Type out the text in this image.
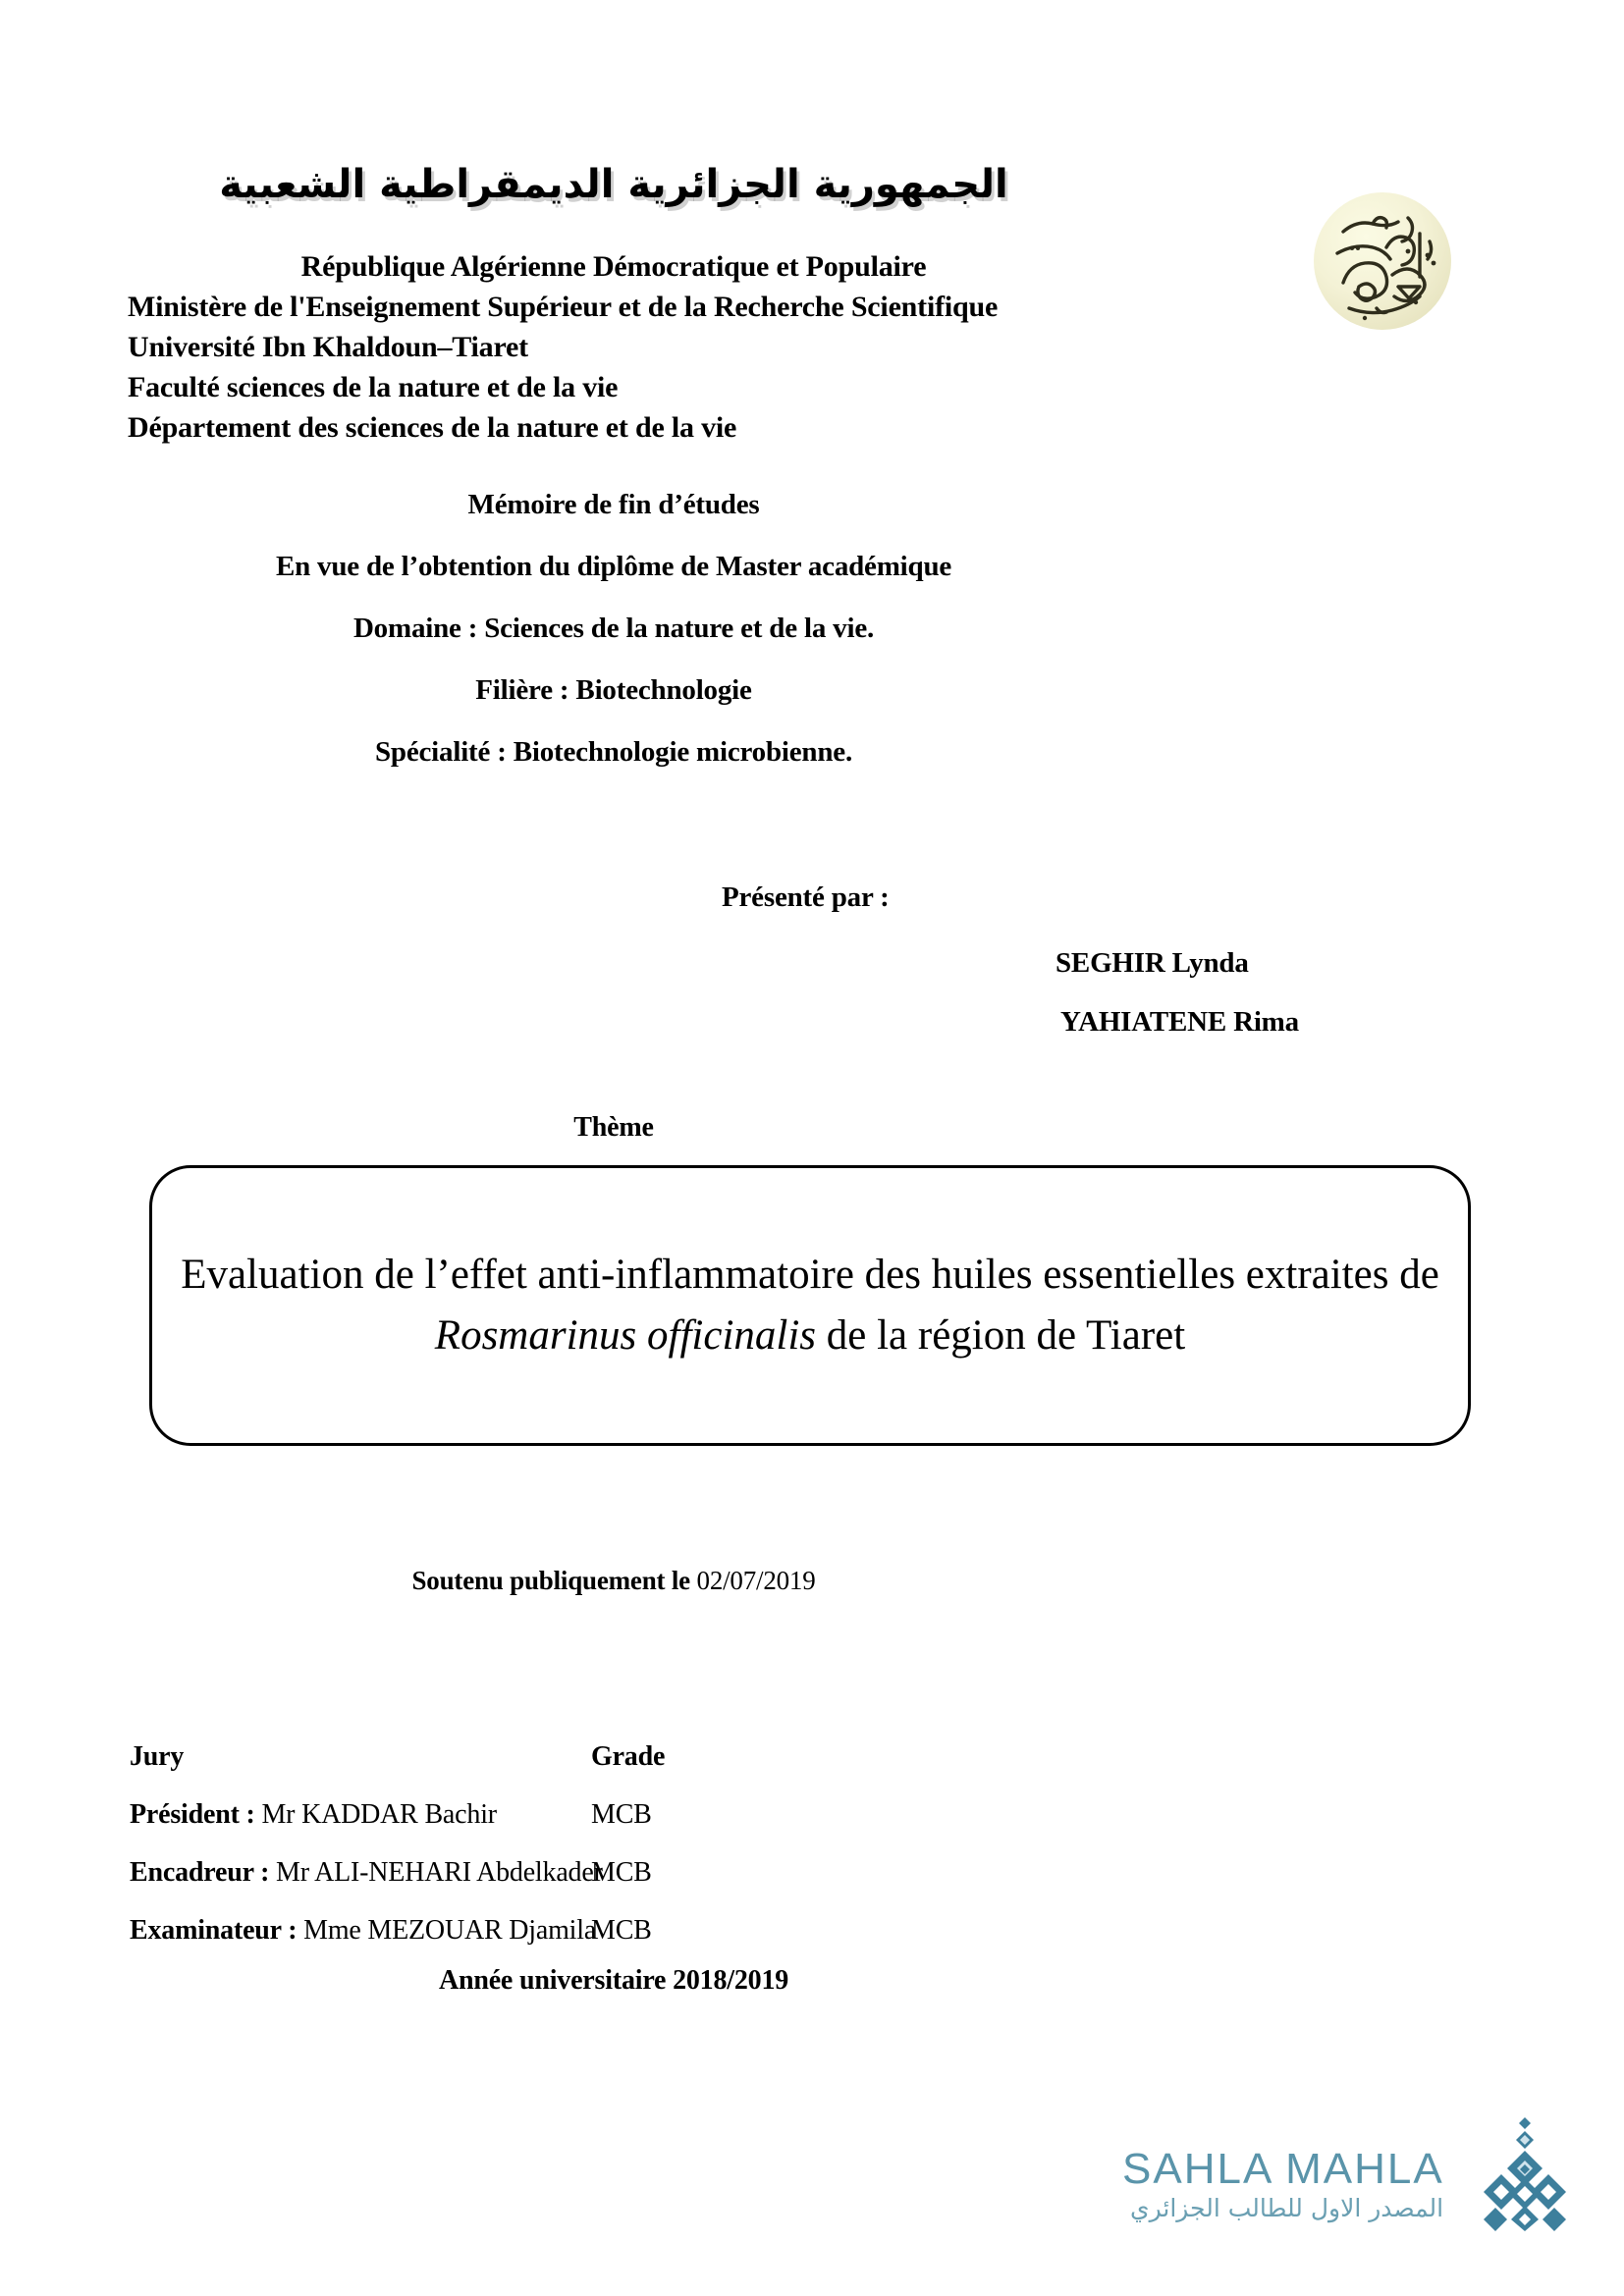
الجمهورية الجزائرية الديمقراطية الشعبية
République Algérienne Démocratique et Populaire
Ministère de l'Enseignement Supérieur et de la Recherche Scientifique
Université Ibn Khaldoun–Tiaret
Faculté sciences de la nature et de la vie
Département des sciences de la nature et de la vie
Mémoire de fin d’études
En vue de l’obtention du diplôme de Master académique
Domaine : Sciences de la nature et de la vie.
Filière : Biotechnologie
Spécialité : Biotechnologie microbienne.
Présenté par :
SEGHIR Lynda
YAHIATENE Rima
Thème
Evaluation de l’effet anti-inflammatoire des huiles essentielles extraites de Rosmarinus officinalis de la région de Tiaret
Soutenu publiquement le 02/07/2019
Jury	Grade
Président : Mr KADDAR Bachir	MCB
Encadreur : Mr ALI-NEHARI Abdelkader
MCB
Examinateur : Mme MEZOUAR Djamila
MCB
Année universitaire 2018/2019
SAHLA MAHLA
المصدر الاول للطالب الجزائري
